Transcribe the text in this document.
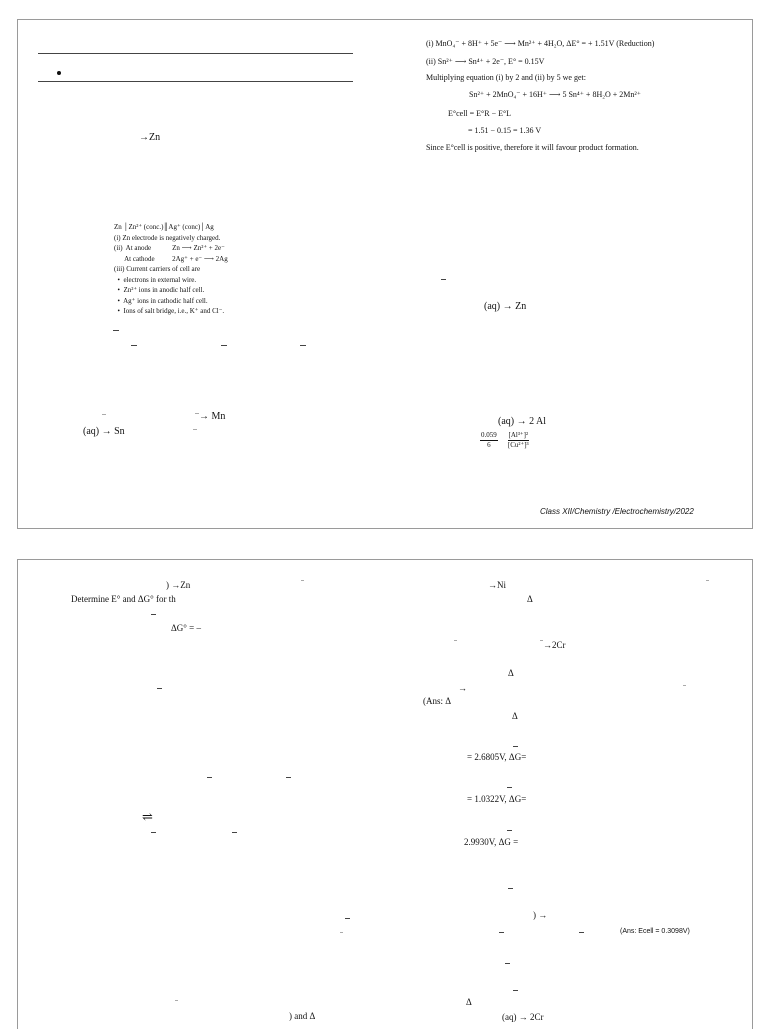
→Zn
Zn │Zn²⁺ (conc.)║Ag⁺ (conc)│Ag
(i) Zn electrode is negatively charged.
(ii)  At anode            Zn ⟶ Zn²⁺ + 2e⁻
At cathode          2Ag⁺ + e⁻ ⟶ 2Ag
(iii) Current carriers of cell are
•  electrons in external wire.
•  Zn²⁺ ions in anodic half cell.
•  Ag⁺ ions in cathodic half cell.
•  Ions of salt bridge, i.e., K⁺ and Cl⁻.
→ Mn
(aq) → Sn
(i) MnO₄⁻ + 8H⁺ + 5e⁻ ⟶ Mn²⁺ + 4H₂O, ΔE° = + 1.51V (Reduction)
(ii) Sn²⁺ ⟶ Sn⁴⁺ + 2e⁻, E° = 0.15V
Multiplying equation (i) by 2 and (ii) by 5 we get:
Sn²⁺ + 2MnO₄⁻ + 16H⁺ ⟶ 5 Sn⁴⁺ + 8H₂O + 2Mn²⁺
E°cell = E°R − E°L
= 1.51 − 0.15 = 1.36 V
Since E°cell is positive, therefore it will favour product formation.
(aq) → Zn
(aq) → 2 Al
$\frac{0.059}{6}$
$\frac{\text{[Al³⁺]²}}{\text{[Cu²⁺]³}}$
Class XII/Chemistry /Electrochemistry/2022
) →Zn
Determine E° and ΔG° for th
ΔG° = –
⇌
) and Δ
→Ni
Δ
→2Cr
Δ
→
(Ans: Δ
Δ
= 2.6805V, ΔG=
= 1.0322V, ΔG=
2.9930V, ΔG =
) →
(Ans: Ecell = 0.3098V)
Δ
(aq) → 2Cr
